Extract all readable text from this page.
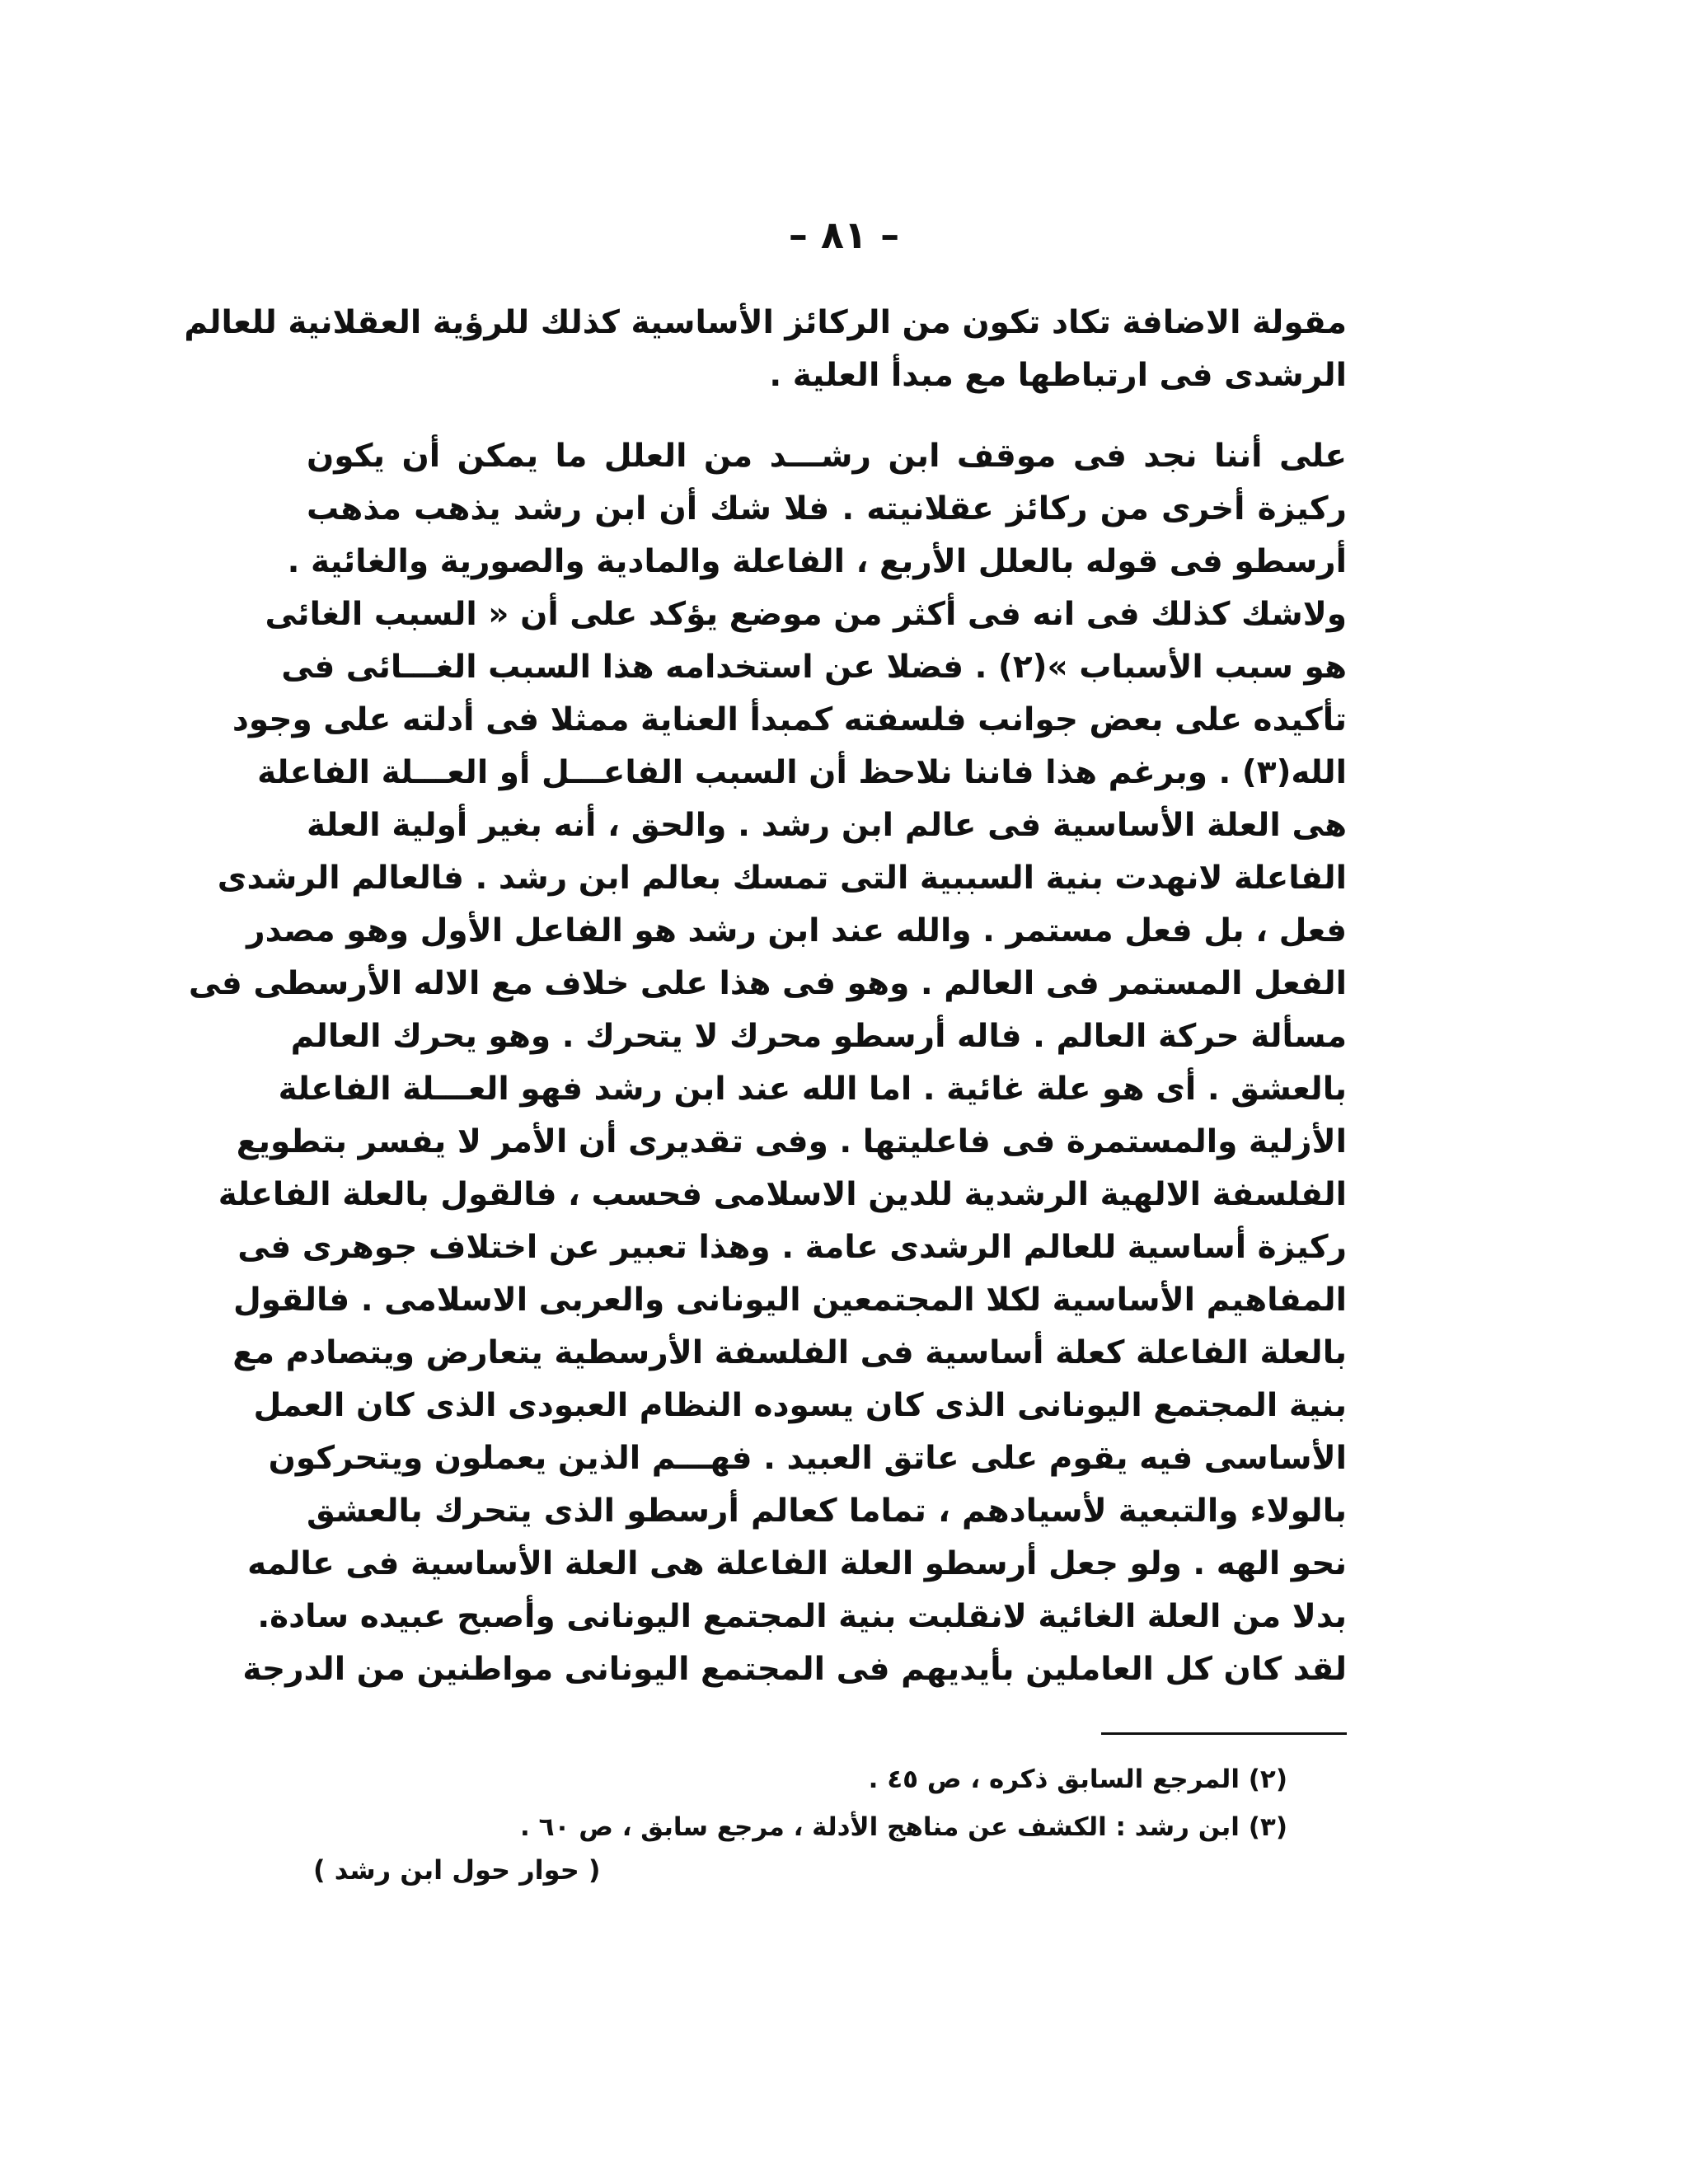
– ٨١ –
مقولة الاضافة تكاد تكون من الركائز الأساسية كذلك للرؤية العقلانية للعالم
الرشدى فى ارتباطها مع مبدأ العلية .
على أننا نجد فى موقف ابن رشـــد من العلل ما يمكن أن يكون
ركيزة أخرى من ركائز عقلانيته . فلا شك أن ابن رشد يذهب مذهب
أرسطو فى قوله بالعلل الأربع ، الفاعلة والمادية والصورية والغائية .
ولاشك كذلك فى انه فى أكثر من موضع يؤكد على أن « السبب الغائى
هو سبب الأسباب »(٢) . فضلا عن استخدامه هذا السبب الغـــائى فى
تأكيده على بعض جوانب فلسفته كمبدأ العناية ممثلا فى أدلته على وجود
الله(٣) . وبرغم هذا فاننا نلاحظ أن السبب الفاعـــل أو العـــلة الفاعلة
هى العلة الأساسية فى عالم ابن رشد . والحق ، أنه بغير أولية العلة
الفاعلة لانهدت بنية السببية التى تمسك بعالم ابن رشد . فالعالم الرشدى
فعل ، بل فعل مستمر . والله عند ابن رشد هو الفاعل الأول وهو مصدر
الفعل المستمر فى العالم . وهو فى هذا على خلاف مع الاله الأرسطى فى
مسألة حركة العالم . فاله أرسطو محرك لا يتحرك . وهو يحرك العالم
بالعشق . أى هو علة غائية . اما الله عند ابن رشد فهو العـــلة الفاعلة
الأزلية والمستمرة فى فاعليتها . وفى تقديرى أن الأمر لا يفسر بتطويع
الفلسفة الالهية الرشدية للدين الاسلامى فحسب ، فالقول بالعلة الفاعلة
ركيزة أساسية للعالم الرشدى عامة . وهذا تعبير عن اختلاف جوهرى فى
المفاهيم الأساسية لكلا المجتمعين اليونانى والعربى الاسلامى . فالقول
بالعلة الفاعلة كعلة أساسية فى الفلسفة الأرسطية يتعارض ويتصادم مع
بنية المجتمع اليونانى الذى كان يسوده النظام العبودى الذى كان العمل
الأساسى فيه يقوم على عاتق العبيد . فهـــم الذين يعملون ويتحركون
بالولاء والتبعية لأسيادهم ، تماما كعالم أرسطو الذى يتحرك بالعشق
نحو الهه . ولو جعل أرسطو العلة الفاعلة هى العلة الأساسية فى عالمه
بدلا من العلة الغائية لانقلبت بنية المجتمع اليونانى وأصبح عبيده سادة.
لقد كان كل العاملين بأيديهم فى المجتمع اليونانى مواطنين من الدرجة
(٢) المرجع السابق ذكره ، ص ٤٥ .
(٣) ابن رشد : الكشف عن مناهج الأدلة ، مرجع سابق ، ص ٦٠ .
( حوار حول ابن رشد )
